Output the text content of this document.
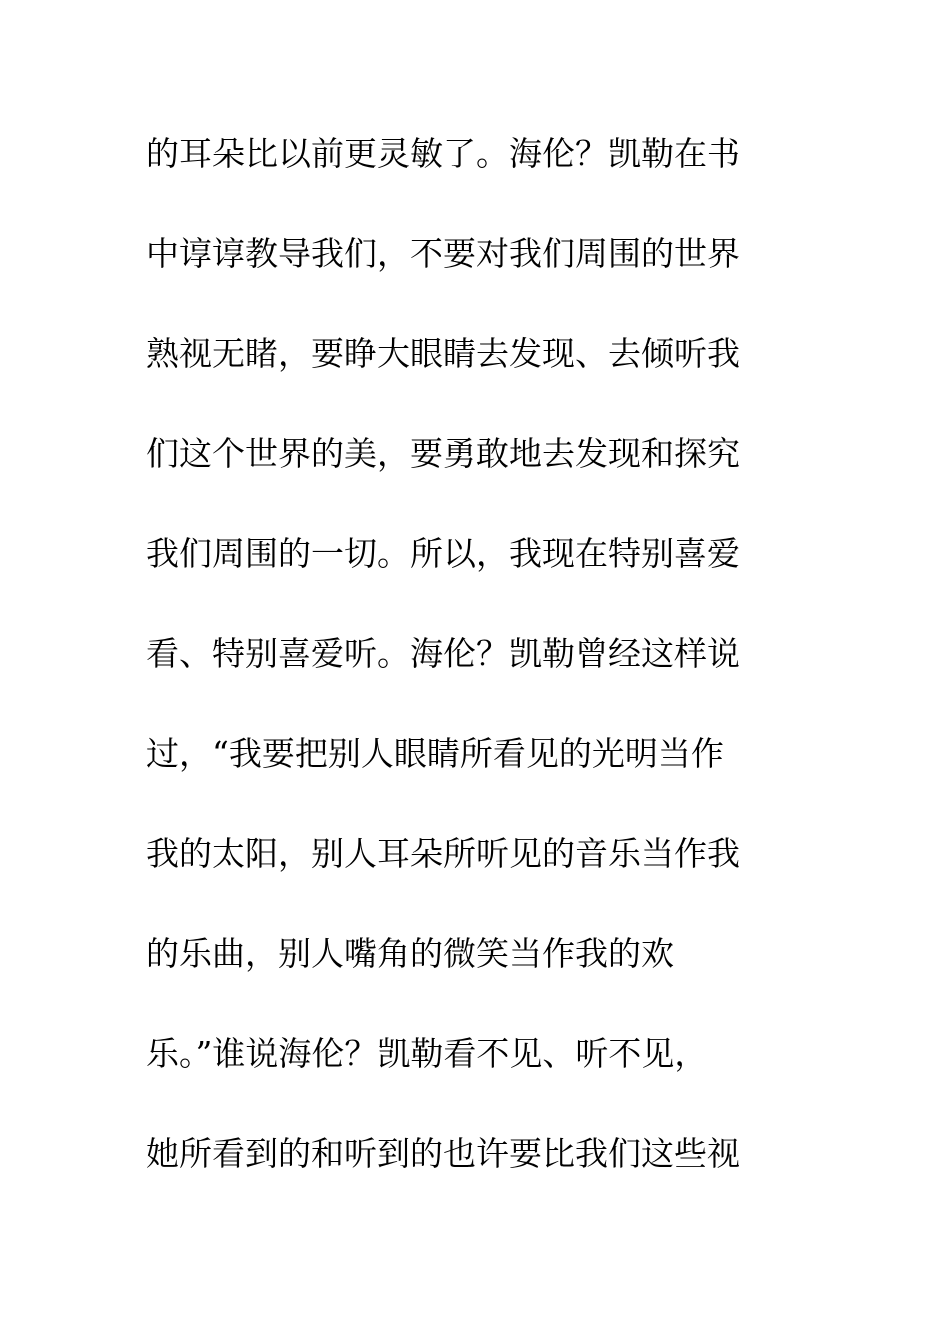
的耳朵比以前更灵敏了。海伦？凯勒在书
中谆谆教导我们，不要对我们周围的世界
熟视无睹，要睁大眼睛去发现、去倾听我
们这个世界的美，要勇敢地去发现和探究
我们周围的一切。所以，我现在特别喜爱
看、特别喜爱听。海伦？凯勒曾经这样说
过，“我要把别人眼睛所看见的光明当作
我的太阳，别人耳朵所听见的音乐当作我
的乐曲，别人嘴角的微笑当作我的欢
乐。”谁说海伦？凯勒看不见、听不见，
她所看到的和听到的也许要比我们这些视
